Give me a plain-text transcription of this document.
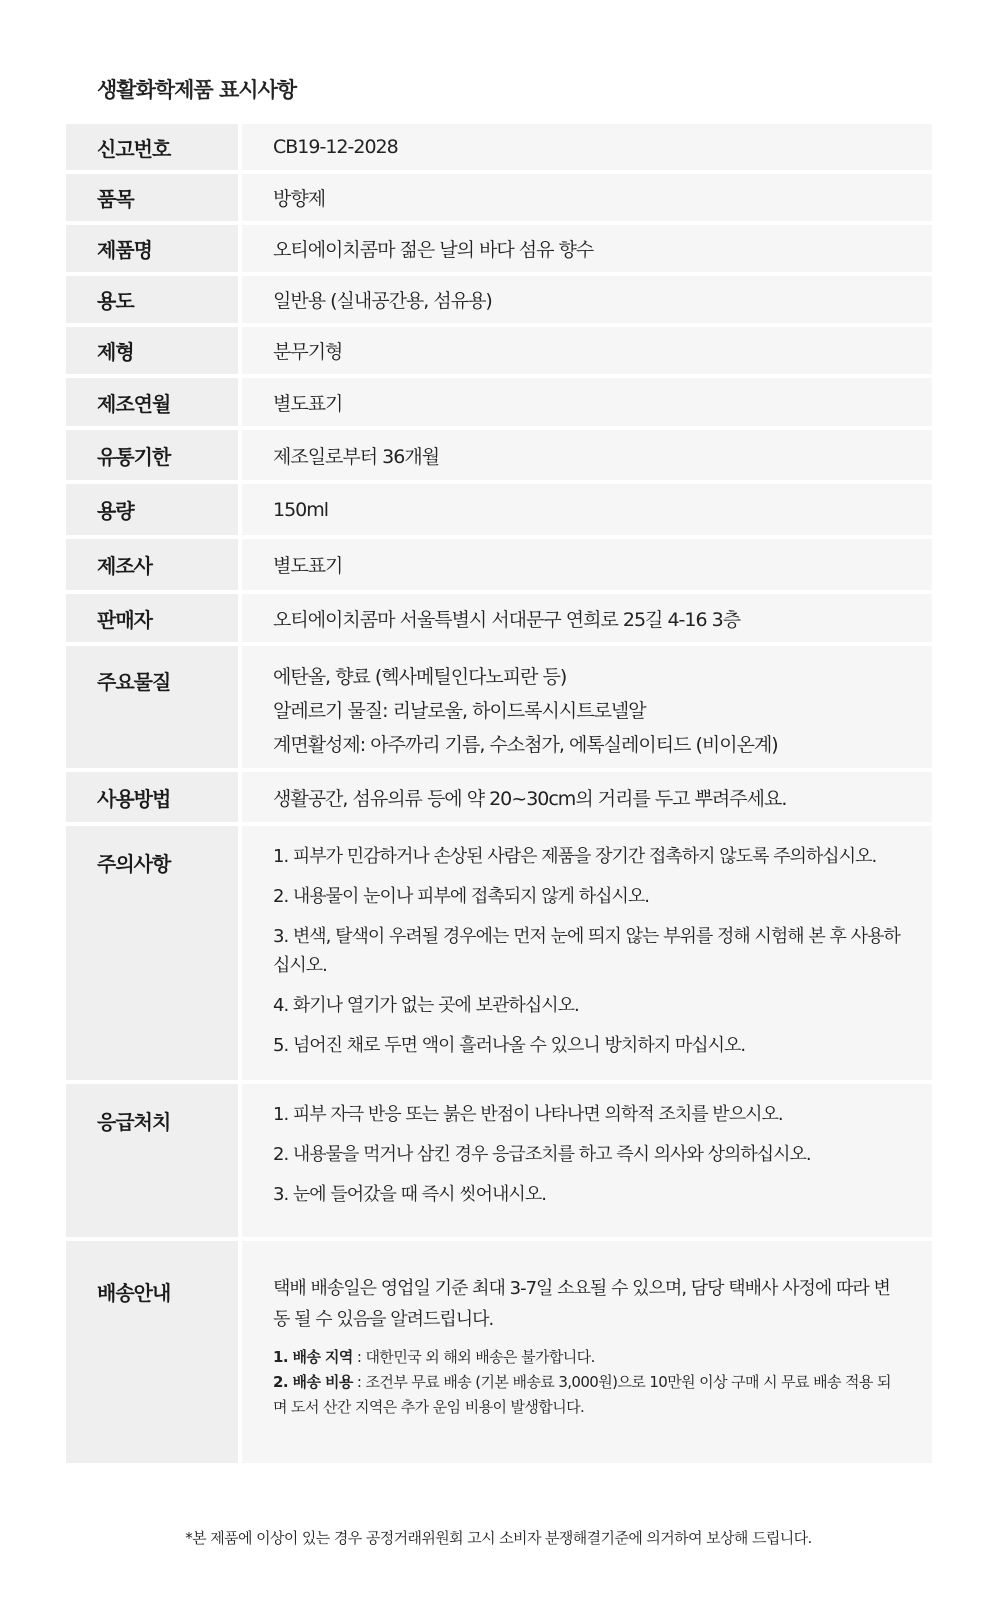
생활화학제품 표시사항
신고번호	CB19-12-2028
품목	방향제
제품명	오티에이치콤마 젊은 날의 바다 섬유 향수
용도	일반용 (실내공간용, 섬유용)
제형	분무기형
제조연월	별도표기
유통기한	제조일로부터 36개월
용량	150ml
제조사	별도표기
판매자	오티에이치콤마 서울특별시 서대문구 연희로 25길 4-16 3층
주요물질	에탄올, 향료 (헥사메틸인다노피란 등)
알레르기 물질: 리날로울, 하이드록시시트로넬알
계면활성제: 아주까리 기름, 수소첨가, 에톡실레이티드 (비이온계)
사용방법	생활공간, 섬유의류 등에 약 20~30cm의 거리를 두고 뿌려주세요.
주의사항	1. 피부가 민감하거나 손상된 사람은 제품을 장기간 접촉하지 않도록 주의하십시오.
2. 내용물이 눈이나 피부에 접촉되지 않게 하십시오.
3. 변색, 탈색이 우려될 경우에는 먼저 눈에 띄지 않는 부위를 정해 시험해 본 후 사용하십시오.
4. 화기나 열기가 없는 곳에 보관하십시오.
5. 넘어진 채로 두면 액이 흘러나올 수 있으니 방치하지 마십시오.
응급처치	1. 피부 자극 반응 또는 붉은 반점이 나타나면 의학적 조치를 받으시오.
2. 내용물을 먹거나 삼킨 경우 응급조치를 하고 즉시 의사와 상의하십시오.
3. 눈에 들어갔을 때 즉시 씻어내시오.
배송안내	택배 배송일은 영업일 기준 최대 3-7일 소요될 수 있으며, 담당 택배사 사정에 따라 변동 될 수 있음을 알려드립니다.
1. 배송 지역 : 대한민국 외 해외 배송은 불가합니다.
2. 배송 비용 : 조건부 무료 배송 (기본 배송료 3,000원)으로 10만원 이상 구매 시 무료 배송 적용 되며 도서 산간 지역은 추가 운임 비용이 발생합니다.
*본 제품에 이상이 있는 경우 공정거래위원회 고시 소비자 분쟁해결기준에 의거하여 보상해 드립니다.
